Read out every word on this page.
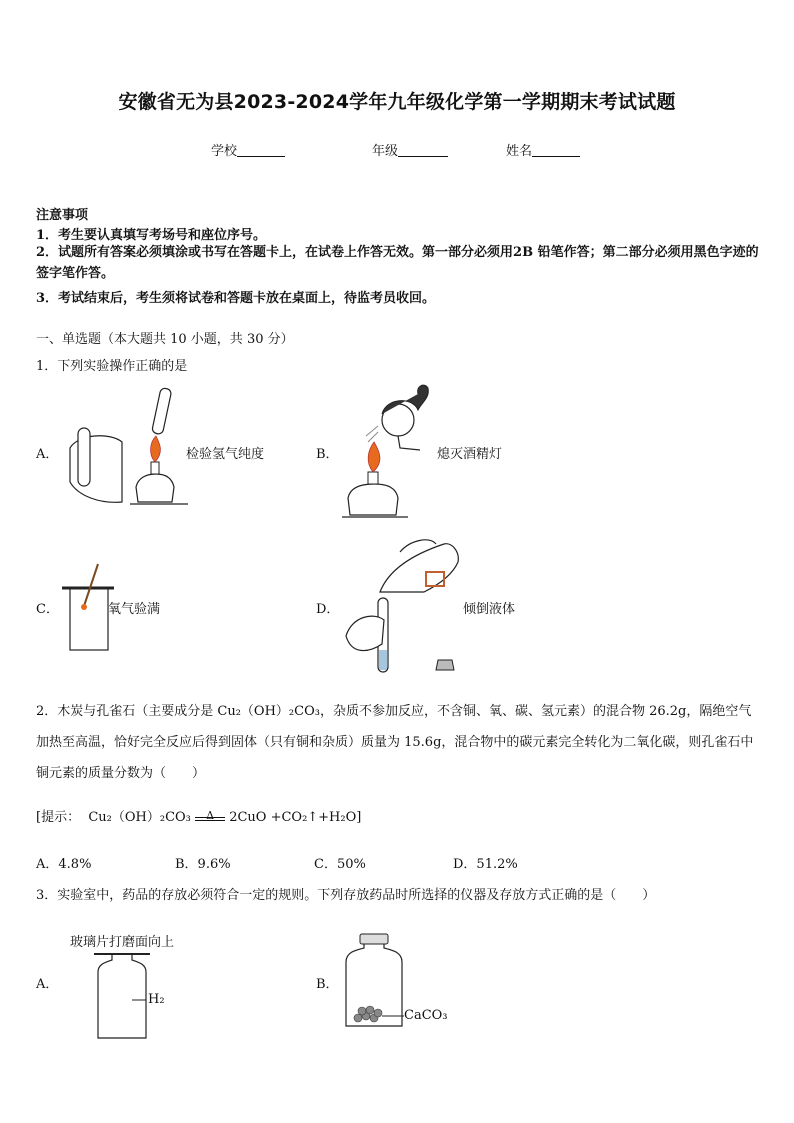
安徽省无为县2023-2024学年九年级化学第一学期期末考试试题
学校	年级	姓名
注意事项
1．考生要认真填写考场号和座位序号。
2．试题所有答案必须填涂或书写在答题卡上，在试卷上作答无效。第一部分必须用2B 铅笔作答；第二部分必须用黑色字迹的签字笔作答。
3．考试结束后，考生须将试卷和答题卡放在桌面上，待监考员收回。
一、单选题（本大题共 10 小题，共 30 分）
1．下列实验操作正确的是
A．	检验氢气纯度	B．	熄灭酒精灯
C．	氧气验满	D．	倾倒液体
2．木炭与孔雀石（主要成分是 Cu₂（OH）₂CO₃，杂质不参加反应，不含铜、氧、碳、氢元素）的混合物 26.2g，隔绝空气加热至高温，恰好完全反应后得到固体（只有铜和杂质）质量为 15.6g，混合物中的碳元素完全转化为二氧化碳，则孔雀石中铜元素的质量分数为（　　）
[提示： Cu₂（OH）₂CO₃	Δ	2CuO +CO₂↑+H₂O]
A．4.8%	B．9.6%	C．50%	D．51.2%
3．实验室中，药品的存放必须符合一定的规则。下列存放药品时所选择的仪器及存放方式正确的是（　　）
玻璃片打磨面向上
A．
H₂
B．
CaCO₃
